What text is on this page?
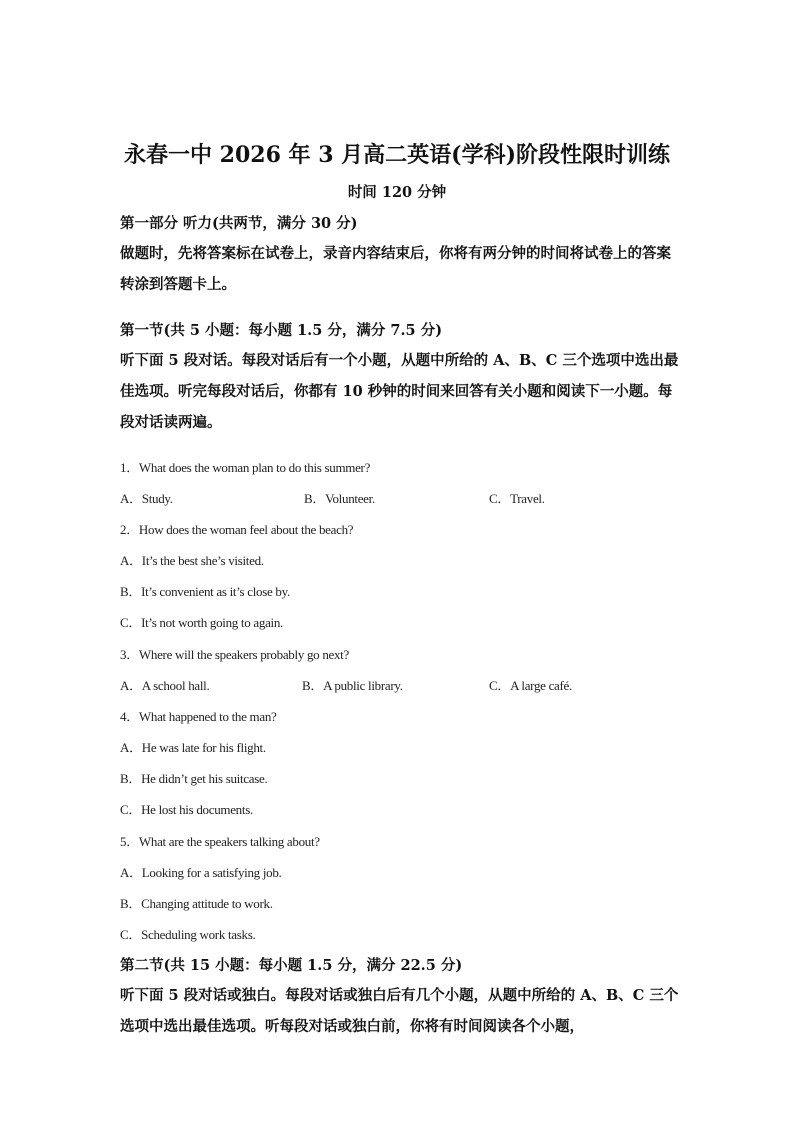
永春一中 2026 年 3 月高二英语(学科)阶段性限时训练
时间 120 分钟
第一部分 听力(共两节，满分 30 分)
做题时，先将答案标在试卷上，录音内容结束后，你将有两分钟的时间将试卷上的答案转涂到答题卡上。
第一节(共 5 小题：每小题 1.5 分，满分 7.5 分)
听下面 5 段对话。每段对话后有一个小题，从题中所给的 A、B、C 三个选项中选出最佳选项。听完每段对话后，你都有 10 秒钟的时间来回答有关小题和阅读下一小题。每段对话读两遍。
1．What does the woman plan to do this summer?
A．Study.	B．Volunteer.	C．Travel.
2．How does the woman feel about the beach?
A．It’s the best she’s visited.
B．It’s convenient as it’s close by.
C．It’s not worth going to again.
3．Where will the speakers probably go next?
A．A school hall.	B．A public library.	C．A large café.
4．What happened to the man?
A．He was late for his flight.
B．He didn’t get his suitcase.
C．He lost his documents.
5．What are the speakers talking about?
A．Looking for a satisfying job.
B．Changing attitude to work.
C．Scheduling work tasks.
第二节(共 15 小题：每小题 1.5 分，满分 22.5 分)
听下面 5 段对话或独白。每段对话或独白后有几个小题，从题中所给的 A、B、C 三个选项中选出最佳选项。听每段对话或独白前，你将有时间阅读各个小题，
